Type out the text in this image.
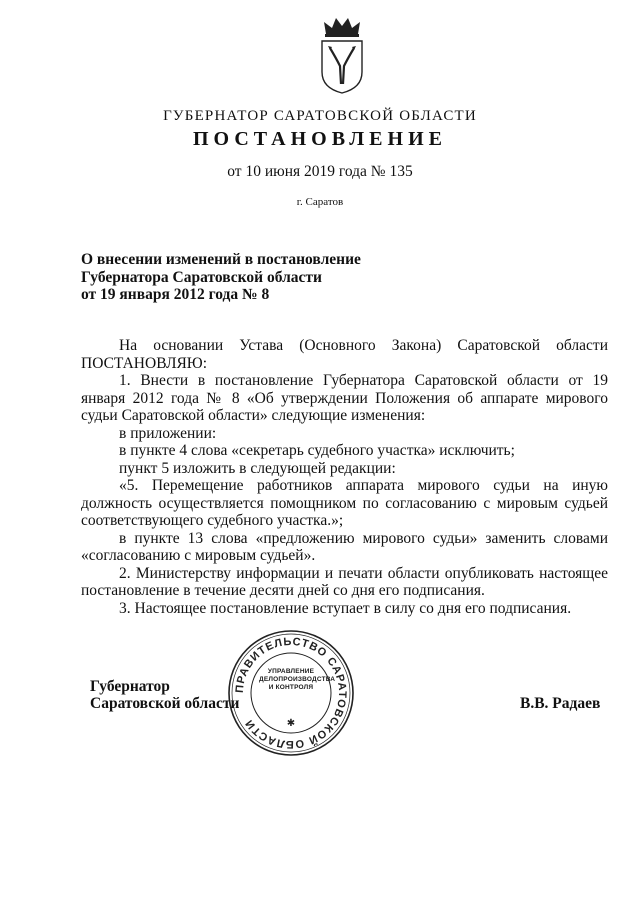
ГУБЕРНАТОР САРАТОВСКОЙ ОБЛАСТИ
ПОСТАНОВЛЕНИЕ
от 10 июня 2019 года № 135
г. Саратов
О внесении изменений в постановление
Губернатора Саратовской области
от 19 января 2012 года № 8

На основании Устава (Основного Закона) Саратовской области

ПОСТАНОВЛЯЮ:

1. Внести в постановление Губернатора Саратовской области от 19 января 2012 года № 8 «Об утверждении Положения об аппарате мирового судьи Саратовской области» следующие изменения:

в приложении:

в пункте 4 слова «секретарь судебного участка» исключить;

пункт 5 изложить в следующей редакции:

«5. Перемещение работников аппарата мирового судьи на иную должность осуществляется помощником по согласованию с мировым судьей соответствующего судебного участка.»;

в пункте 13 слова «предложению мирового судьи» заменить словами «согласованию с мировым судьей».

2. Министерству информации и печати области опубликовать настоящее постановление в течение десяти дней со дня его подписания.

3. Настоящее постановление вступает в силу со дня его подписания.

Губернатор
Саратовской области	В.В. Радаев
ПРАВИТЕЛЬСТВО САРАТОВСКОЙ ОБЛАСТИ	✱
УПРАВЛЕНИЕ
ДЕЛОПРОИЗВОДСТВА
И КОНТРОЛЯ
